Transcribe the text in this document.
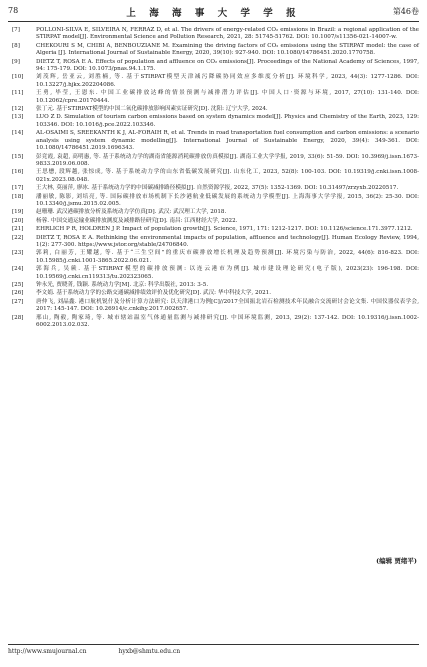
78	上 海 海 事 大 学 学 报	第46卷
[7]	POLLONI-SILVA E, SILVEIRA N, FERRAZ D, et al. The drivers of energy-related CO₂ emissions in Brazil: a regional application of the STIRPAT model[J]. Environmental Science and Pollution Research, 2021, 28: 51745-51762. DOI: 10.1007/s11356-021-14007-w.
[8]	CHEKOURI S M, CHIBI A, BENBOUZIANE M. Examining the driving factors of CO₂ emissions using the STIRPAT model: the case of Algeria [J]. International Journal of Sustainable Energy, 2020, 39(10): 927-940. DOI: 10.1080/14786451.2020.1770758.
[9]	DIETZ T, ROSA E A. Effects of population and affluence on CO₂ emissions[J]. Proceedings of the National Academy of Sciences, 1997, 94: 175-179. DOI: 10.1073/pnas.94.1.175.
[10] 刘茂辉, 岳亚云, 刘胜楠, 等. 基于STIRPAT模型天津减污降碳协同效应多维度分析[J]. 环境科学, 2023, 44(3): 1277-1286. DOI: 10.13227/j.hjkx.202204086.
[11] 王勇, 毕莹, 王恩东. 中国工业碳排放达峰的情景预测与减排潜力评估[J]. 中国人口·资源与环境, 2017, 27(10): 131-140. DOI: 10.12062/cpre.20170444.
[12] 张丁元. 基于STIRPAT模型的中国二氧化碳排放影响因素实证研究[D]. 沈阳: 辽宁大学, 2024.
[13] LUO Z D. Simulation of tourism carbon emissions based on system dynamics model[J]. Physics and Chemistry of the Earth, 2023, 129: 103346. DOI: 10.1016/j.pce.2022.103346.
[14] AL-OSAIMI S, SREEKANTH K J, AL-FORAIH R, et al. Trends in road transportation fuel consumption and carbon emissions: a scenario analysis using system dynamic modelling[J]. International Journal of Sustainable Energy, 2020, 39(4): 349-361. DOI: 10.1080/14786451.2019.1696343.
[15] 彭竞霞, 袁超, 高明惠, 等. 基于系统动力学的湖南省能源消耗碳排放仿真模拟[J]. 湖南工业大学学报, 2019, 33(6): 51-59. DOI: 10.3969/j.issn.1673-9833.2019.06.008.
[16] 王思懋, 段辉越, 张惊成, 等. 基于系统动力学的山东省低碳发展研究[J]. 山东化工, 2023, 52(8): 100-103. DOI: 10.19319/j.cnki.issn.1008-021x.2023.08.048.
[17] 王大林, 莫丽萍, 廖冰. 基于系统动力学的中国碳减排路径模拟[J]. 自然资源学报, 2022, 37(5): 1352-1369. DOI: 10.31497/zrzyxb.20220517.
[18] 潘丽敏, 陈影, 刘培亮, 等. 国际碳排放市场机制下长沙港航业低碳发展的系统动力学模型[J]. 上海海事大学学报, 2015, 36(2): 25-30. DOI: 10.13340/j.jsmu.2015.02.005.
[19] 赵珊珊. 武汉港碳排放分析及系统动力学仿真[D]. 武汉: 武汉理工大学, 2018.
[20] 杨蓉. 中国交通运输业碳排放测度及减排路径研究[D]. 南昌: 江西财经大学, 2022.
[21] EHRLICH P R, HOLDREN J P. Impact of population growth[J]. Science, 1971, 171: 1212-1217. DOI: 10.1126/science.171.3977.1212.
[22] DIETZ T, ROSA E A. Rethinking the environmental impacts of population, affluence and technology[J]. Human Ecology Review, 1994, 1(2): 277-300. https://www.jstor.org/stable/24706840.
[23] 郭莉, 白丽芳, 王耀越, 等. 基于“三生空间”的重庆市碳排放增长机理及趋势预测[J]. 环境污染与防治, 2022, 44(6): 816-823. DOI: 10.15985/j.cnki.1001-3865.2022.06.021.
[24] 郭海兵, 吴蕨. 基于STIRPAT模型的碳排放预测: 以连云港市为例[J]. 城市建设理论研究(电子版), 2023(23): 196-198. DOI: 10.19569/j.cnki.cn119313/tu.202323065.
[25] 钟永光, 贾晓菁, 钱颖. 系统动力学[M]. 北京: 科学出版社, 2013: 3-5.
[26] 李文娟. 基于系统动力学的公路交通碳減排绩效评价及优化研究[D]. 武汉: 华中科技大学, 2021.
[27] 唐仲飞, 刘晶鑫. 港口航机锐什及分析计算方法研究: 以天津港口为例[C]//2017全国振北岩石检测技术年民融合交流研讨会论文集. 中国仪器仪表学会, 2017: 145-147. DOI: 10.26914/c.cnkihy.2017.002657.
[28] 邢山, 陶毅, 陶家琦, 等. 城市辖站温室气体通量监测与减排研究[J]. 中国环境监测, 2013, 29(2): 137-142. DOI: 10.19316/j.issn.1002-6002.2013.02.032.
(编辑 贾绪平)
http://www.smujournal.cn	hyxb@shmtu.edu.cn
